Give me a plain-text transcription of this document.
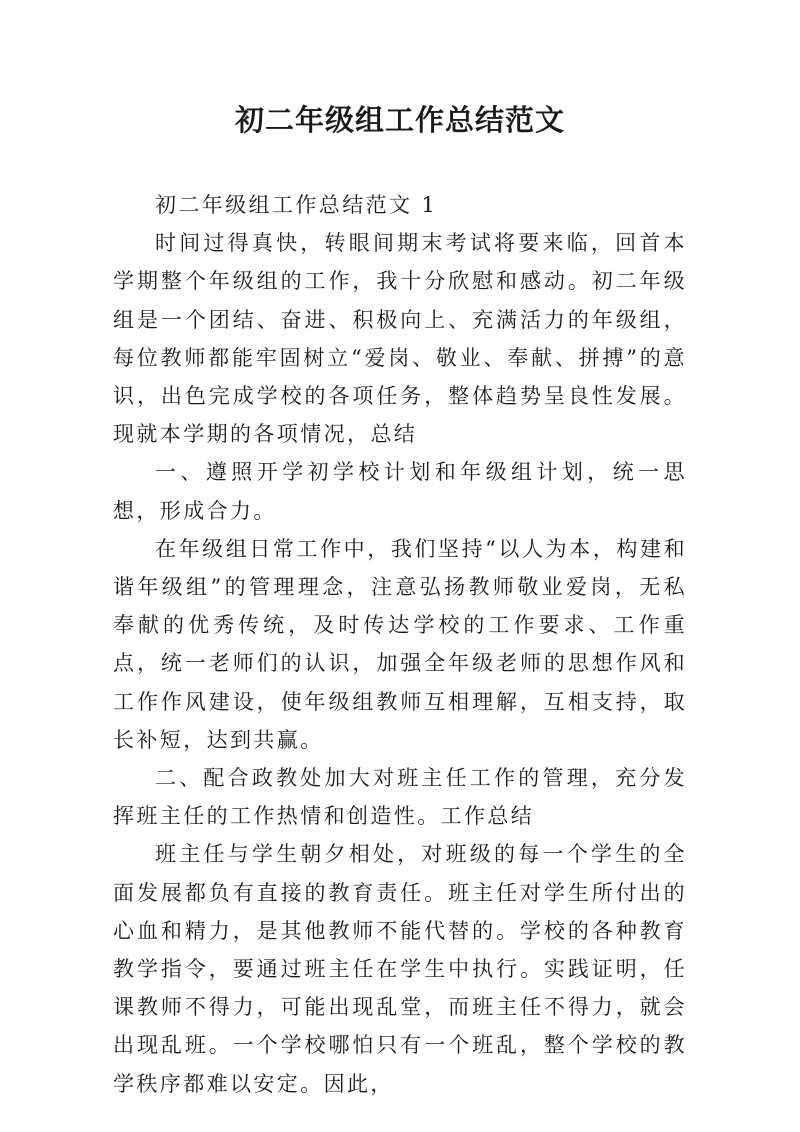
初二年级组工作总结范文

初二年级组工作总结范文 1

时间过得真快，转眼间期末考试将要来临，回首本学期整个年级组的工作，我十分欣慰和感动。初二年级组是一个团结、奋进、积极向上、充满活力的年级组，每位教师都能牢固树立“爱岗、敬业、奉献、拼搏”的意识，出色完成学校的各项任务，整体趋势呈良性发展。现就本学期的各项情况，总结

一、遵照开学初学校计划和年级组计划，统一思想，形成合力。

在年级组日常工作中，我们坚持“以人为本，构建和谐年级组”的管理理念，注意弘扬教师敬业爱岗，无私奉献的优秀传统，及时传达学校的工作要求、工作重点，统一老师们的认识，加强全年级老师的思想作风和工作作风建设，使年级组教师互相理解，互相支持，取长补短，达到共赢。

二、配合政教处加大对班主任工作的管理，充分发挥班主任的工作热情和创造性。工作总结

班主任与学生朝夕相处，对班级的每一个学生的全面发展都负有直接的教育责任。班主任对学生所付出的心血和精力，是其他教师不能代替的。学校的各种教育教学指令，要通过班主任在学生中执行。实践证明，任课教师不得力，可能出现乱堂，而班主任不得力，就会出现乱班。一个学校哪怕只有一个班乱，整个学校的教学秩序都难以安定。因此，
